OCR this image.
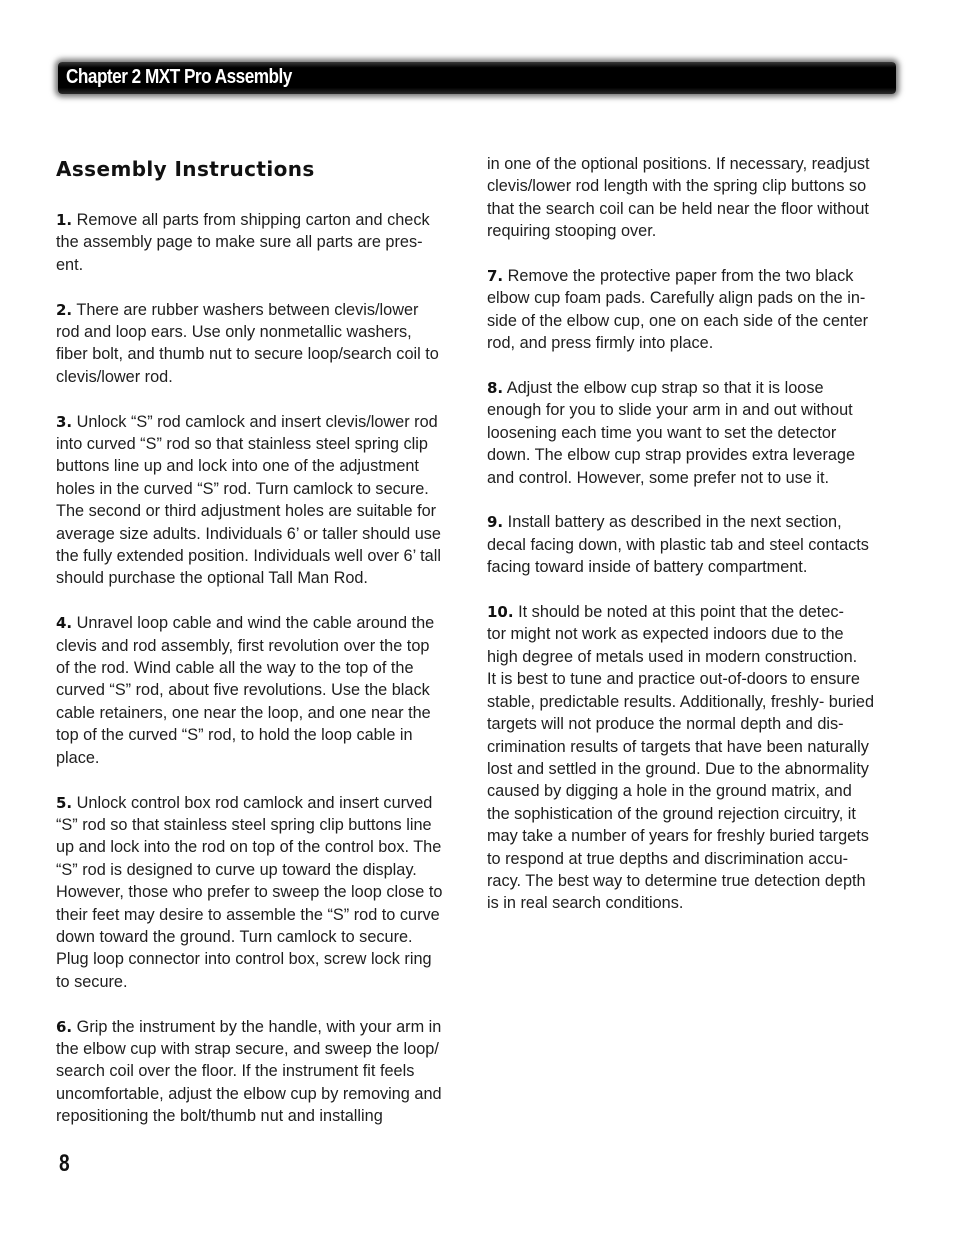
Chapter 2 MXT Pro Assembly
Assembly Instructions

1. Remove all parts from shipping carton and check
the assembly page to make sure all parts are pres-
ent.

2. There are rubber washers between clevis/lower
rod and loop ears. Use only nonmetallic washers,
fiber bolt, and thumb nut to secure loop/search coil to
clevis/lower rod.

3. Unlock “S” rod camlock and insert clevis/lower rod
into curved “S” rod so that stainless steel spring clip
buttons line up and lock into one of the adjustment
holes in the curved “S” rod. Turn camlock to secure.
The second or third adjustment holes are suitable for
average size adults. Individuals 6’ or taller should use
the fully extended position. Individuals well over 6’ tall
should purchase the optional Tall Man Rod.

4. Unravel loop cable and wind the cable around the
clevis and rod assembly, first revolution over the top
of the rod. Wind cable all the way to the top of the
curved “S” rod, about five revolutions. Use the black
cable retainers, one near the loop, and one near the
top of the curved “S” rod, to hold the loop cable in
place.

5. Unlock control box rod camlock and insert curved
“S” rod so that stainless steel spring clip buttons line
up and lock into the rod on top of the control box. The
“S” rod is designed to curve up toward the display.
However, those who prefer to sweep the loop close to
their feet may desire to assemble the “S” rod to curve
down toward the ground. Turn camlock to secure.
Plug loop connector into control box, screw lock ring
to secure.

6. Grip the instrument by the handle, with your arm in
the elbow cup with strap secure, and sweep the loop/
search coil over the floor. If the instrument fit feels
uncomfortable, adjust the elbow cup by removing and
repositioning the bolt/thumb nut and installing

in one of the optional positions. If necessary, readjust
clevis/lower rod length with the spring clip buttons so
that the search coil can be held near the floor without
requiring stooping over.

7. Remove the protective paper from the two black
elbow cup foam pads. Carefully align pads on the in-
side of the elbow cup, one on each side of the center
rod, and press firmly into place.

8. Adjust the elbow cup strap so that it is loose
enough for you to slide your arm in and out without
loosening each time you want to set the detector
down. The elbow cup strap provides extra leverage
and control. However, some prefer not to use it.

9. Install battery as described in the next section,
decal facing down, with plastic tab and steel contacts
facing toward inside of battery compartment.

10. It should be noted at this point that the detec-
tor might not work as expected indoors due to the
high degree of metals used in modern construction.
It is best to tune and practice out-of-doors to ensure
stable, predictable results. Additionally, freshly- buried
targets will not produce the normal depth and dis-
crimination results of targets that have been naturally
lost and settled in the ground. Due to the abnormality
caused by digging a hole in the ground matrix, and
the sophistication of the ground rejection circuitry, it
may take a number of years for freshly buried targets
to respond at true depths and discrimination accu-
racy. The best way to determine true detection depth
is in real search conditions.

8
